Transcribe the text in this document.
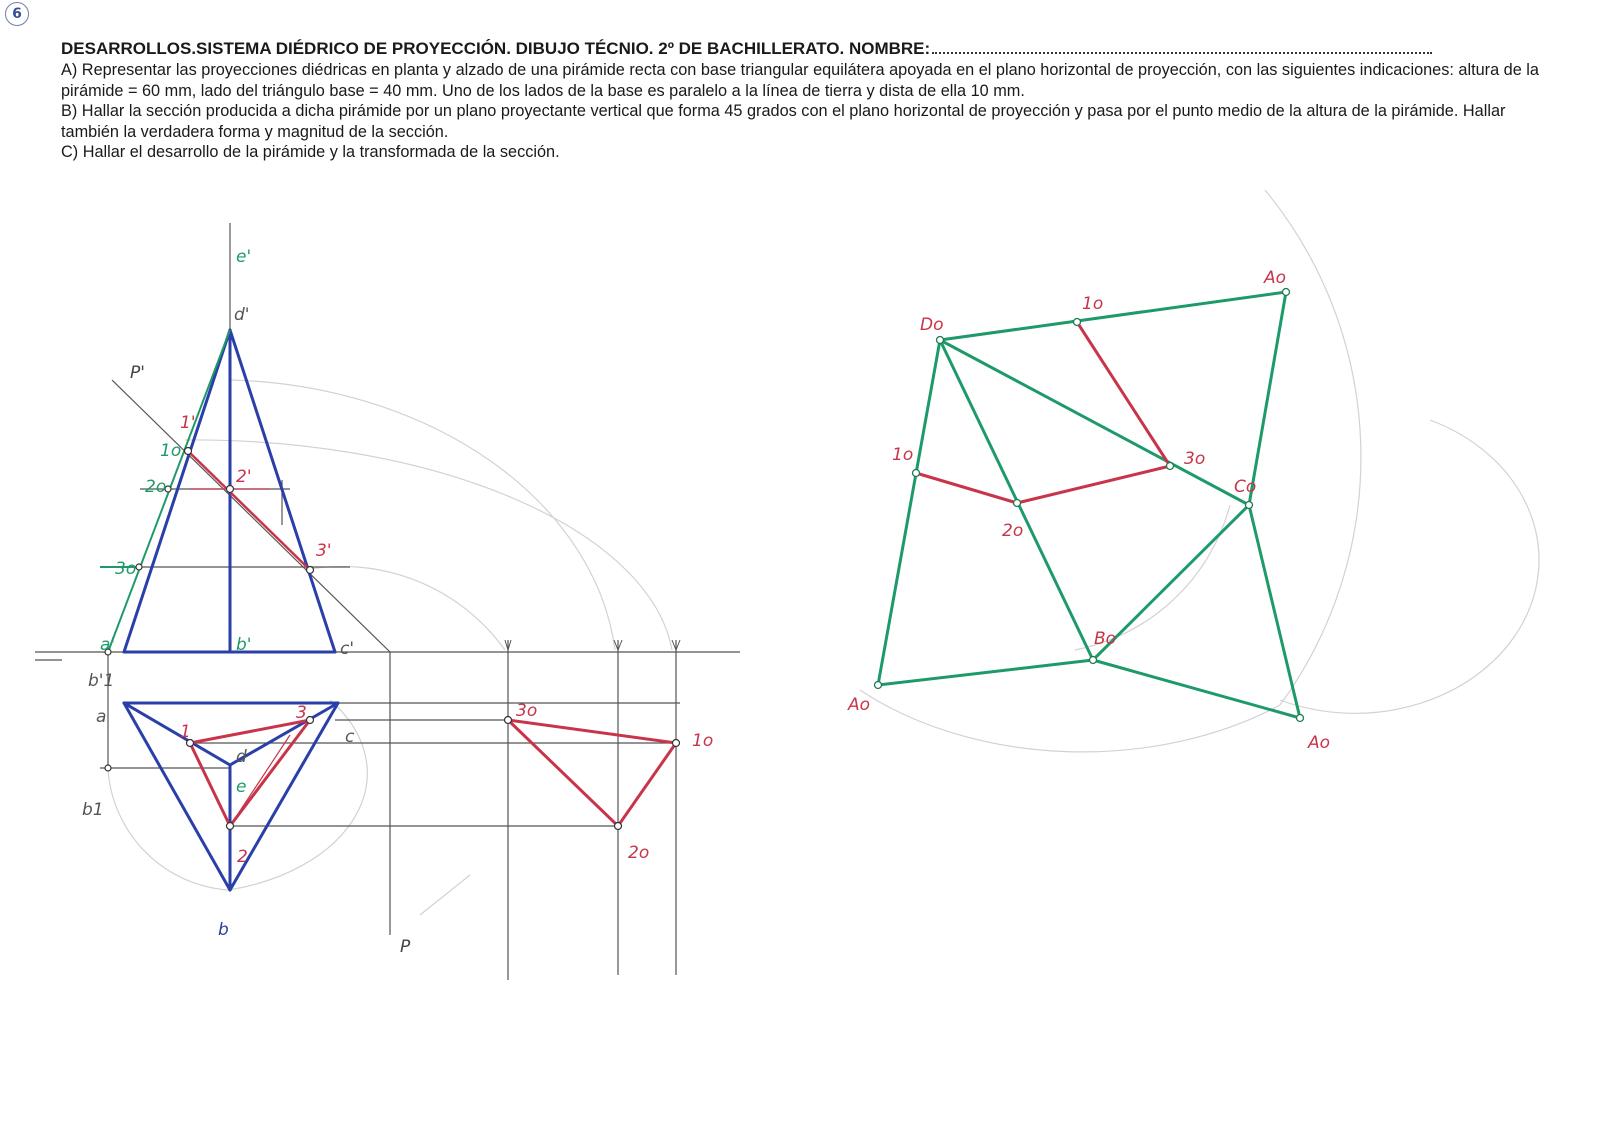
6
DESARROLLOS.SISTEMA DIÉDRICO DE PROYECCIÓN. DIBUJO TÉCNIO. 2º DE BACHILLERATO. NOMBRE:

A) Representar las proyecciones diédricas en planta y alzado de una pirámide recta con base triangular equilátera apoyada en el plano horizontal de proyección, con las siguientes indicaciones: altura de la pirámide = 60 mm, lado del triángulo base = 40 mm. Uno de los lados de la base es paralelo a la línea de tierra y dista de ella 10 mm.

B) Hallar la sección producida a dicha pirámide por un plano proyectante vertical que forma 45 grados con el plano horizontal de proyección y pasa por el punto medio de la altura de la pirámide. Hallar también la verdadera forma y magnitud de la sección.

C) Hallar el desarrollo de la pirámide y la transformada de la sección.

e'
d'
P'
1'
1o
2'
2o
3'
3o
a'	b'	c'
b'1
a
b1
1
3
c
d
e
2
b
P
3o
1o
2o
Ao
1o
Do
1o	3o
Co
2o
Bo
Ao
Ao
